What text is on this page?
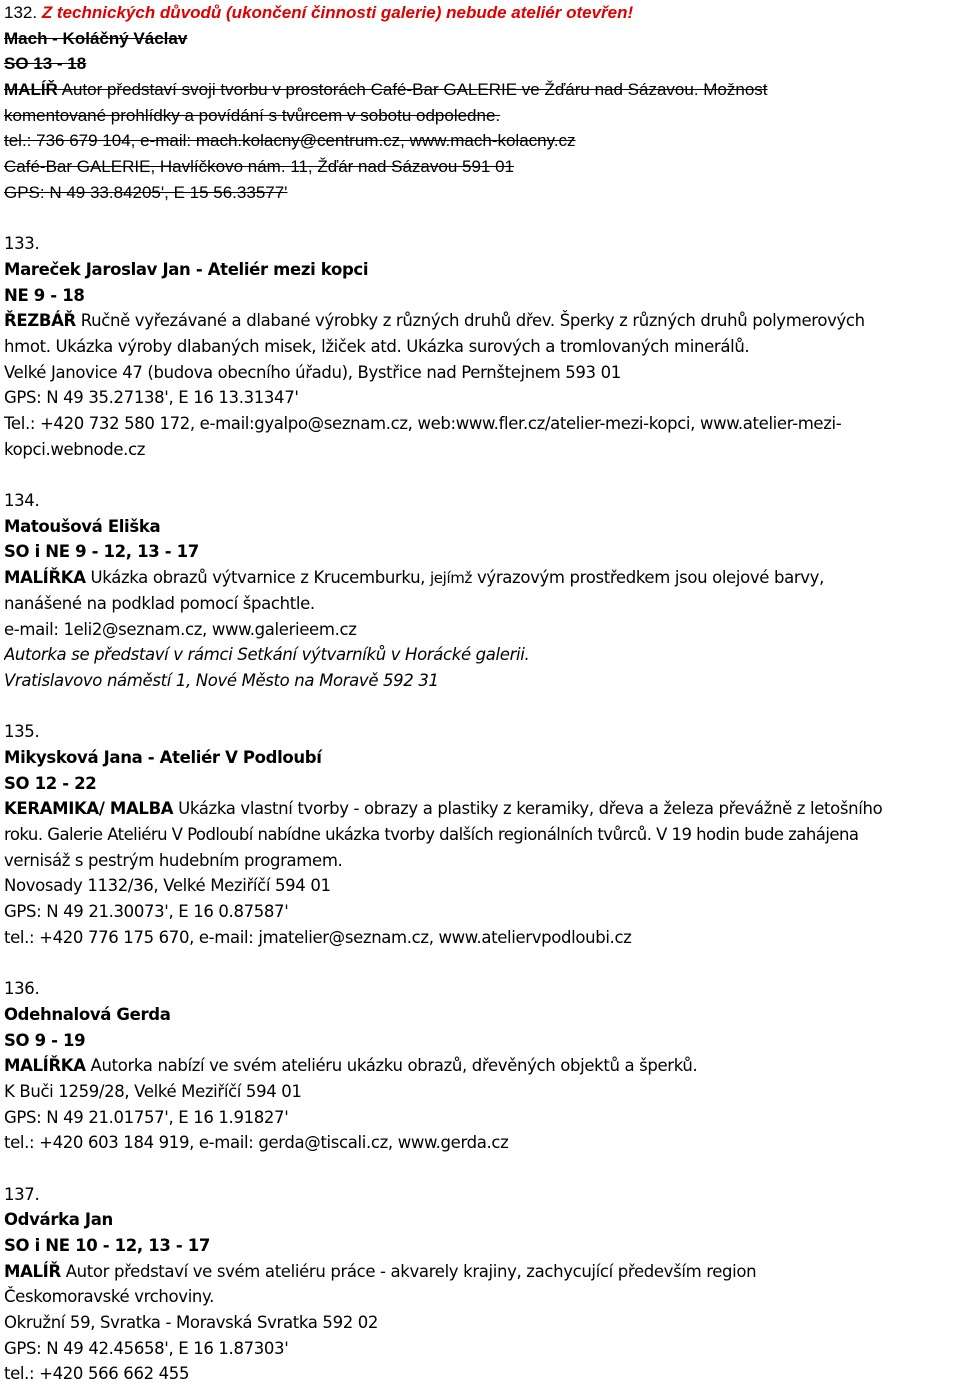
132. Z technických důvodů (ukončení činnosti galerie) nebude ateliér otevřen!
Mach - Koláčný Václav
SO 13 - 18
MALÍŘ Autor představí svoji tvorbu v prostorách Café-Bar GALERIE ve Žďáru nad Sázavou. Možnost
komentované prohlídky a povídání s tvůrcem v sobotu odpoledne.
tel.: 736 679 104, e-mail: mach.kolacny@centrum.cz, www.mach-kolacny.cz
Café-Bar GALERIE, Havlíčkovo nám. 11, Žďár nad Sázavou 591 01
GPS: N 49 33.84205', E 15 56.33577'
133.
Mareček Jaroslav Jan - Ateliér mezi kopci
NE 9 - 18
ŘEZBÁŘ Ručně vyřezávané a dlabané výrobky z různých druhů dřev. Šperky z různých druhů polymerových
hmot. Ukázka výroby dlabaných misek, lžiček atd. Ukázka surových a tromlovaných minerálů.
Velké Janovice 47 (budova obecního úřadu), Bystřice nad Pernštejnem 593 01
GPS: N 49 35.27138', E 16 13.31347'
Tel.: +420 732 580 172, e-mail:gyalpo@seznam.cz, web:www.fler.cz/atelier-mezi-kopci, www.atelier-mezi-
kopci.webnode.cz
134.
Matoušová Eliška
SO i NE 9 - 12, 13 - 17
MALÍŘKA Ukázka obrazů výtvarnice z Krucemburku, jejímž výrazovým prostředkem jsou olejové barvy,
nanášené na podklad pomocí špachtle.
e-mail: 1eli2@seznam.cz, www.galerieem.cz
Autorka se představí v rámci Setkání výtvarníků v Horácké galerii.
Vratislavovo náměstí 1, Nové Město na Moravě 592 31
135.
Mikysková Jana - Ateliér V Podloubí
SO 12 - 22
KERAMIKA/ MALBA Ukázka vlastní tvorby - obrazy a plastiky z keramiky, dřeva a železa převážně z letošního
roku. Galerie Ateliéru V Podloubí nabídne ukázka tvorby dalších regionálních tvůrců. V 19 hodin bude zahájena
vernisáž s pestrým hudebním programem.
Novosady 1132/36, Velké Meziříčí 594 01
GPS: N 49 21.30073', E 16 0.87587'
tel.: +420 776 175 670, e-mail: jmatelier@seznam.cz, www.ateliervpodloubi.cz
136.
Odehnalová Gerda
SO 9 - 19
MALÍŘKA Autorka nabízí ve svém ateliéru ukázku obrazů, dřevěných objektů a šperků.
K Buči 1259/28, Velké Meziříčí 594 01
GPS: N 49 21.01757', E 16 1.91827'
tel.: +420 603 184 919, e-mail: gerda@tiscali.cz, www.gerda.cz
137.
Odvárka Jan
SO i NE 10 - 12, 13 - 17
MALÍŘ Autor představí ve svém ateliéru práce - akvarely krajiny, zachycující především region
Českomoravské vrchoviny.
Okružní 59, Svratka - Moravská Svratka 592 02
GPS: N 49 42.45658', E 16 1.87303'
tel.: +420 566 662 455
